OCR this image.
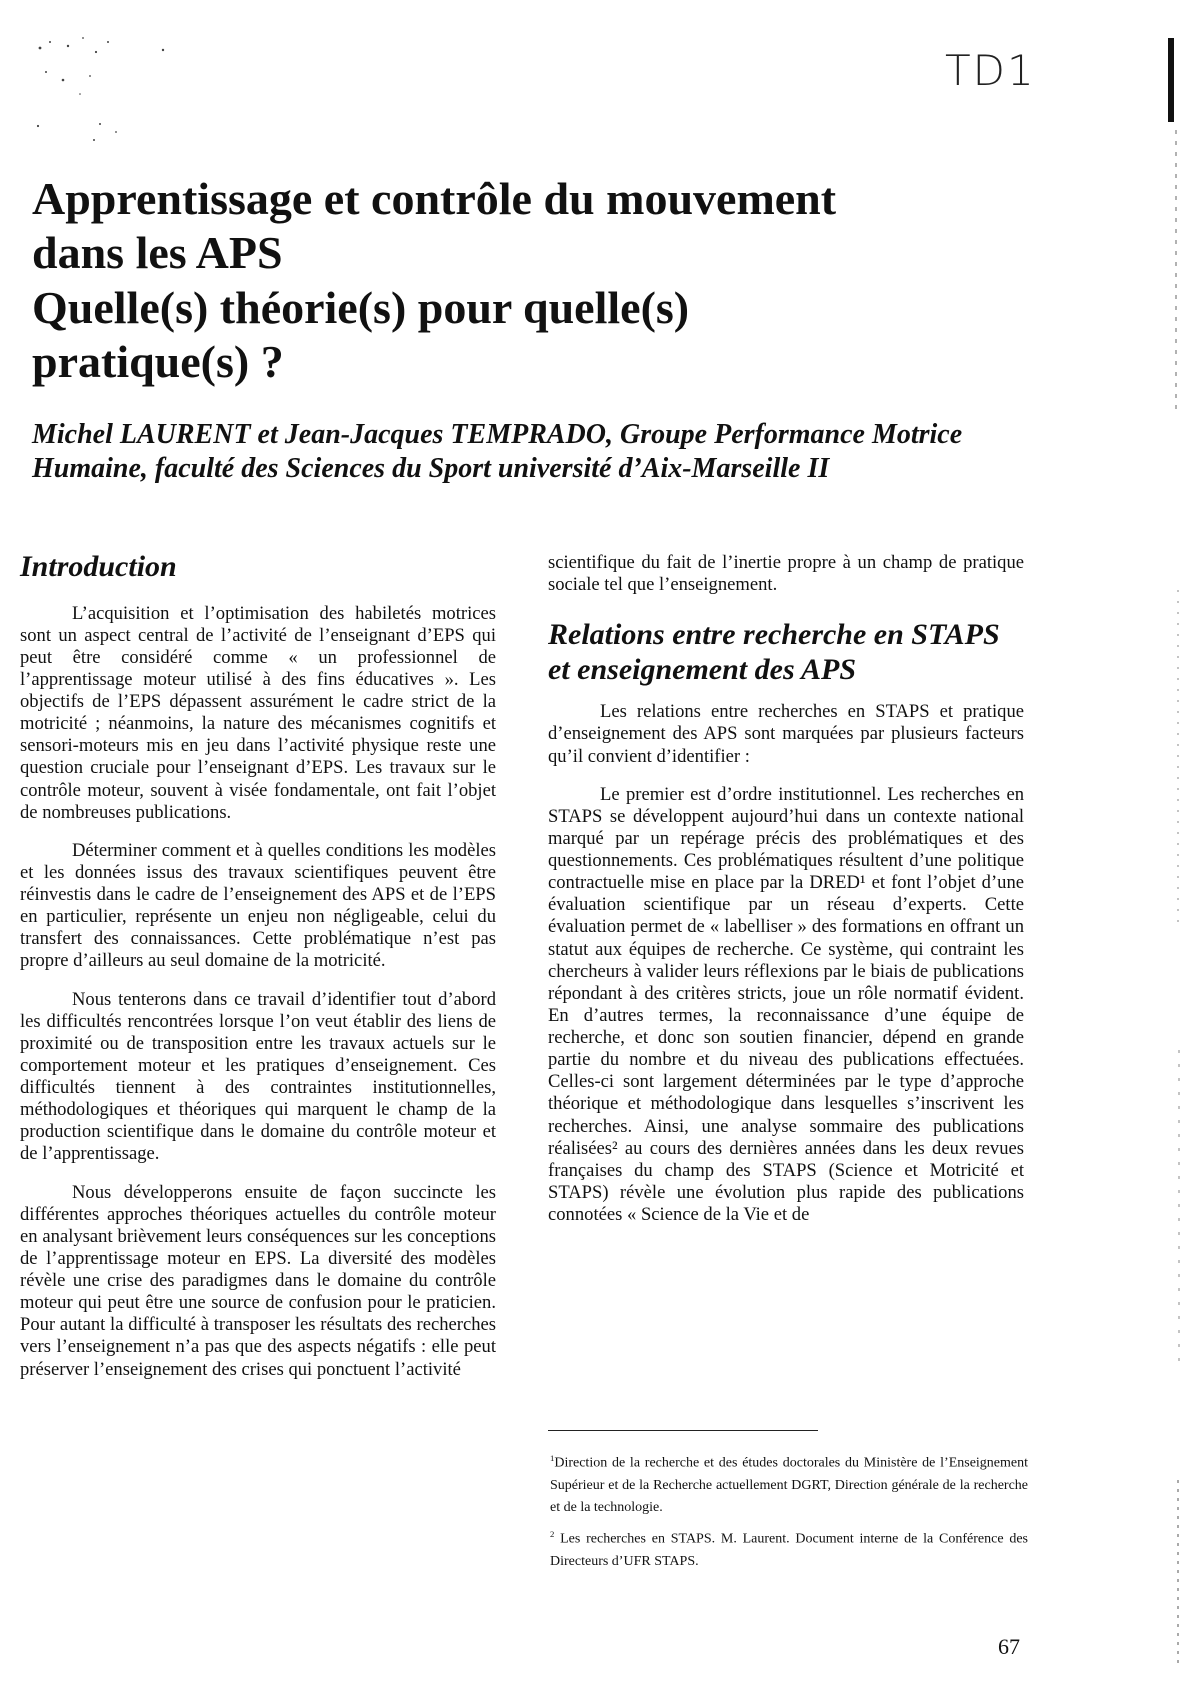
TD1
Apprentissage et contrôle du mouvement
dans les APS
Quelle(s) théorie(s) pour quelle(s)
pratique(s) ?

Michel LAURENT et Jean-Jacques TEMPRADO, Groupe Performance Motrice Humaine, faculté des Sciences du Sport université d’Aix-Marseille II

Introduction

L’acquisition et l’optimisation des habiletés motrices sont un aspect central de l’activité de l’enseignant d’EPS qui peut être considéré comme « un professionnel de l’apprentissage moteur utilisé à des fins éducatives ». Les objectifs de l’EPS dépassent assurément le cadre strict de la motricité ; néanmoins, la nature des mécanismes cognitifs et sensori-moteurs mis en jeu dans l’activité physique reste une question cruciale pour l’enseignant d’EPS. Les travaux sur le contrôle moteur, souvent à visée fondamentale, ont fait l’objet de nombreuses publications.

Déterminer comment et à quelles conditions les modèles et les données issus des travaux scientifiques peuvent être réinvestis dans le cadre de l’enseignement des APS et de l’EPS en particulier, représente un enjeu non négligeable, celui du transfert des connaissances. Cette problématique n’est pas propre d’ailleurs au seul domaine de la motricité.

Nous tenterons dans ce travail d’identifier tout d’abord les difficultés rencontrées lorsque l’on veut établir des liens de proximité ou de transposition entre les travaux actuels sur le comportement moteur et les pratiques d’enseignement. Ces difficultés tiennent à des contraintes institutionnelles, méthodologiques et théoriques qui marquent le champ de la production scientifique dans le domaine du contrôle moteur et de l’apprentissage.

Nous développerons ensuite de façon succincte les différentes approches théoriques actuelles du contrôle moteur en analysant brièvement leurs conséquences sur les conceptions de l’apprentissage moteur en EPS. La diversité des modèles révèle une crise des paradigmes dans le domaine du contrôle moteur qui peut être une source de confusion pour le praticien. Pour autant la difficulté à transposer les résultats des recherches vers l’enseignement n’a pas que des aspects négatifs : elle peut préserver l’enseignement des crises qui ponctuent l’activité

scientifique du fait de l’inertie propre à un champ de pratique sociale tel que l’enseignement.

Relations entre recherche en STAPS et enseignement des APS

Les relations entre recherches en STAPS et pratique d’enseignement des APS sont marquées par plusieurs facteurs qu’il convient d’identifier :

Le premier est d’ordre institutionnel. Les recherches en STAPS se développent aujourd’hui dans un contexte national marqué par un repérage précis des problématiques et des questionnements. Ces problématiques résultent d’une politique contractuelle mise en place par la DRED¹ et font l’objet d’une évaluation scientifique par un réseau d’experts. Cette évaluation permet de « labelliser » des formations en offrant un statut aux équipes de recherche. Ce système, qui contraint les chercheurs à valider leurs réflexions par le biais de publications répondant à des critères stricts, joue un rôle normatif évident. En d’autres termes, la reconnaissance d’une équipe de recherche, et donc son soutien financier, dépend en grande partie du nombre et du niveau des publications effectuées. Celles-ci sont largement déterminées par le type d’approche théorique et méthodologique dans lesquelles s’inscrivent les recherches. Ainsi, une analyse sommaire des publications réalisées² au cours des dernières années dans les deux revues françaises du champ des STAPS (Science et Motricité et STAPS) révèle une évolution plus rapide des publications connotées « Science de la Vie et de

$^1$Direction de la recherche et des études doctorales du Ministère de l’Enseignement Supérieur et de la Recherche actuellement DGRT, Direction générale de la recherche et de la technologie.

$^2$ Les recherches en STAPS. M. Laurent. Document interne de la Conférence des Directeurs d’UFR STAPS.

67
